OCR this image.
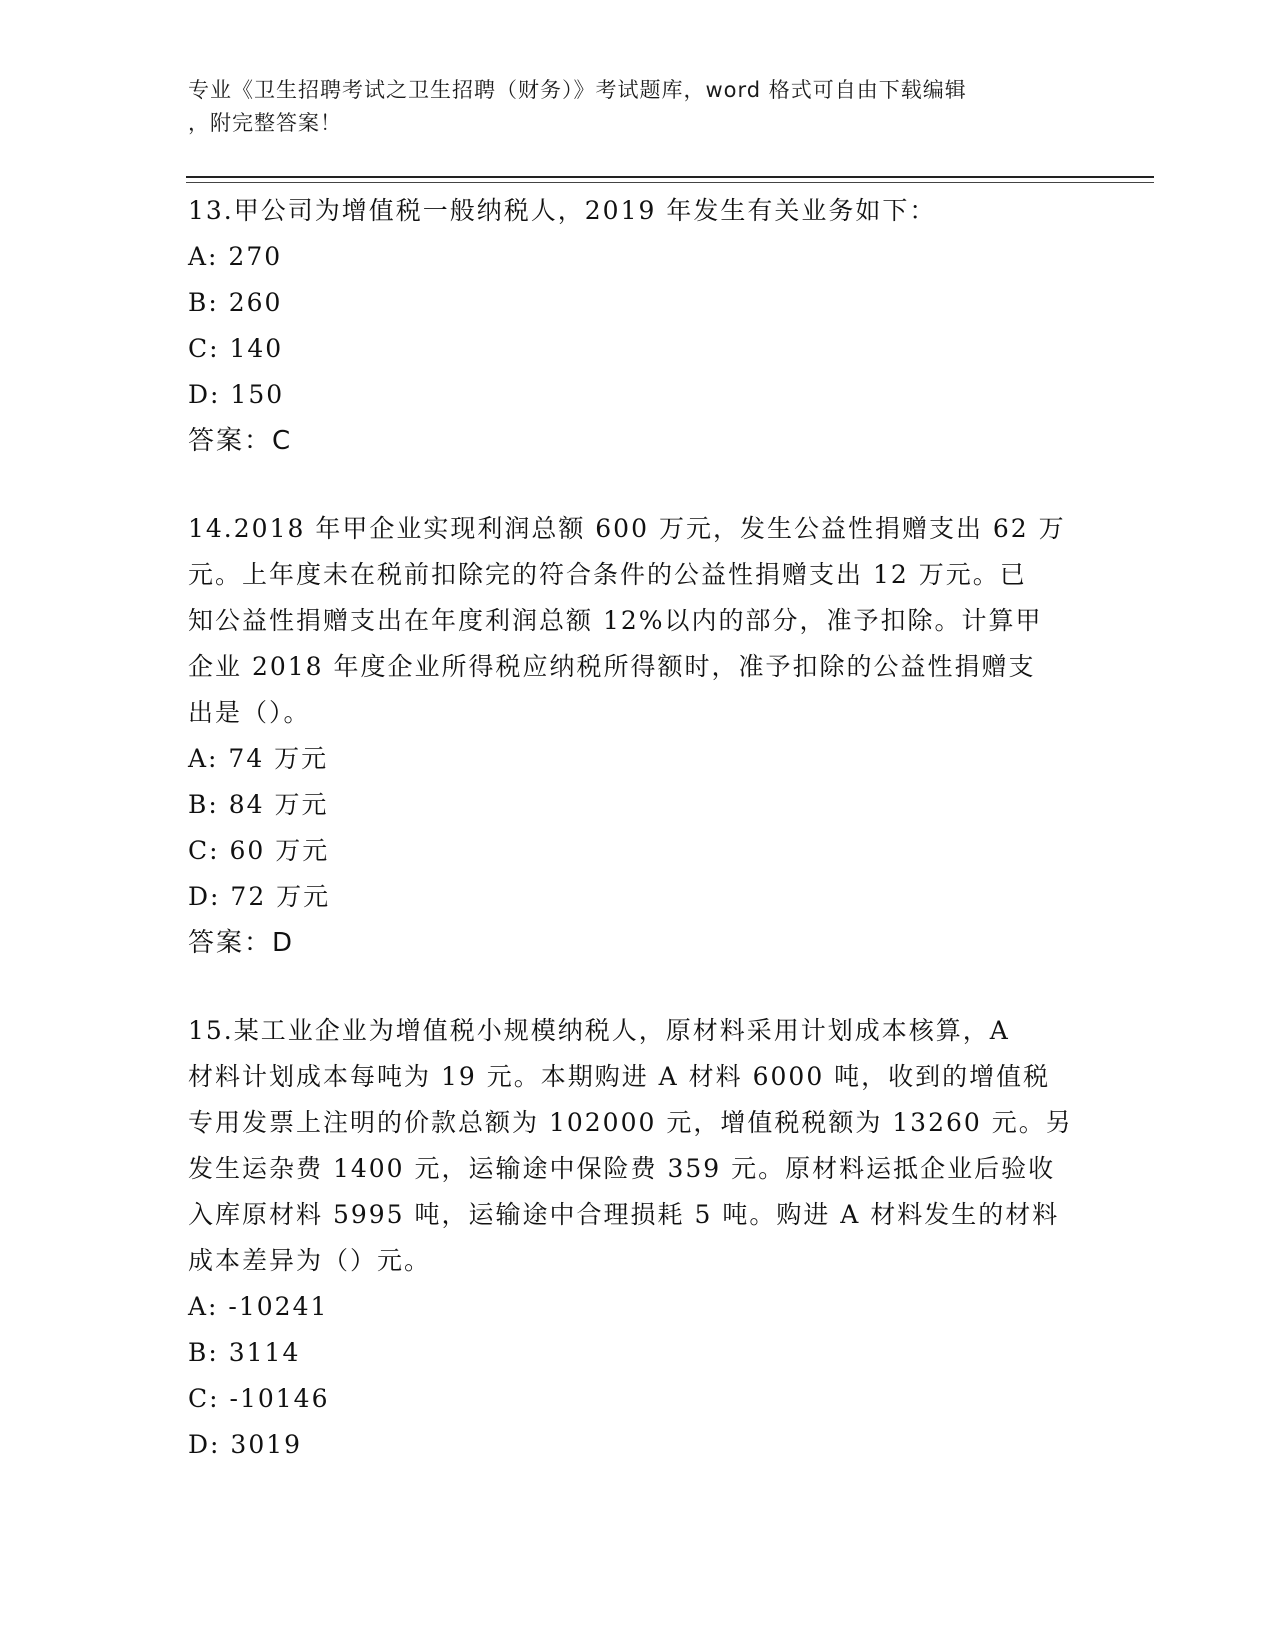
专业《卫生招聘考试之卫生招聘（财务）》考试题库，word 格式可自由下载编辑
，附完整答案！
13.甲公司为增值税一般纳税人，2019 年发生有关业务如下：
A: 270
B: 260
C: 140
D: 150
答案：C
14.2018 年甲企业实现利润总额 600 万元，发生公益性捐赠支出 62 万
元。上年度未在税前扣除完的符合条件的公益性捐赠支出 12 万元。已
知公益性捐赠支出在年度利润总额 12%以内的部分，准予扣除。计算甲
企业 2018 年度企业所得税应纳税所得额时，准予扣除的公益性捐赠支
出是（）。
A: 74 万元
B: 84 万元
C: 60 万元
D: 72 万元
答案：D
15.某工业企业为增值税小规模纳税人，原材料采用计划成本核算，A
材料计划成本每吨为 19 元。本期购进 A 材料 6000 吨，收到的增值税
专用发票上注明的价款总额为 102000 元，增值税税额为 13260 元。另
发生运杂费 1400 元，运输途中保险费 359 元。原材料运抵企业后验收
入库原材料 5995 吨，运输途中合理损耗 5 吨。购进 A 材料发生的材料
成本差异为（）元。
A: -10241
B: 3114
C: -10146
D: 3019
